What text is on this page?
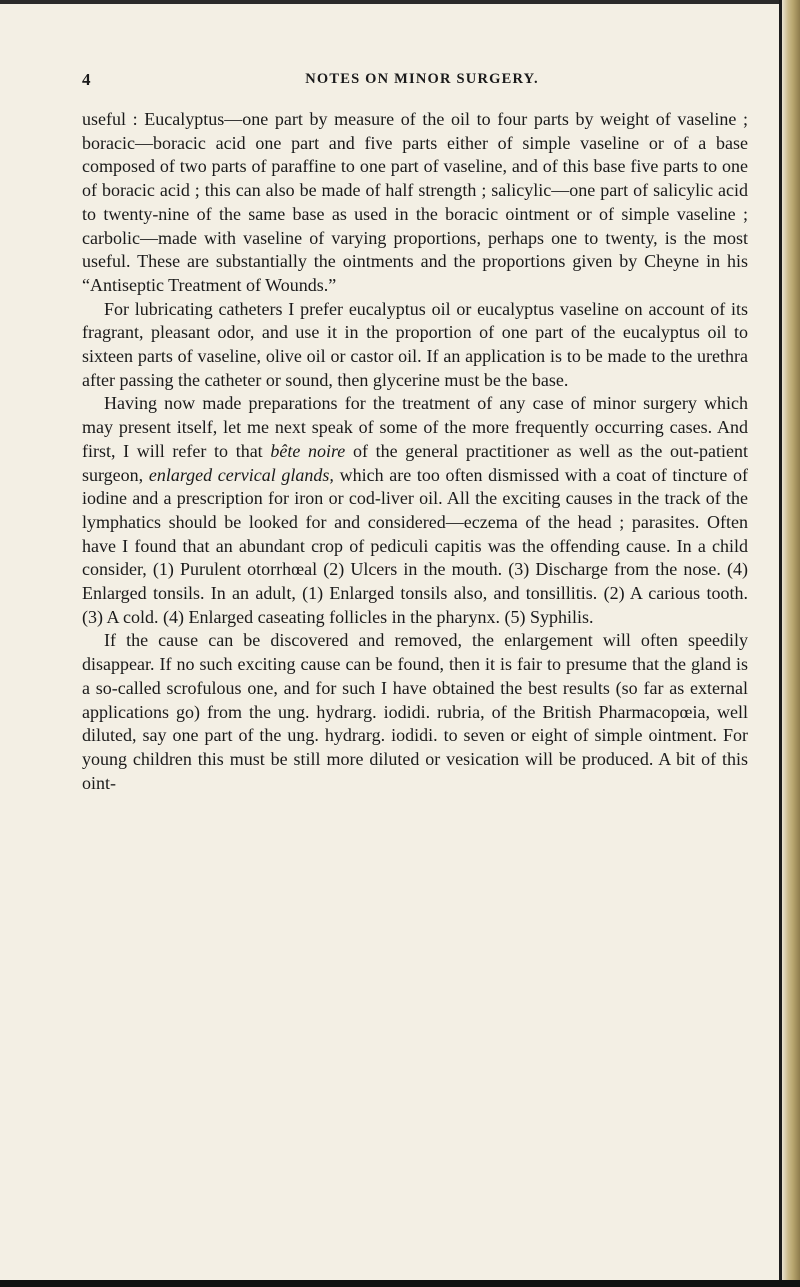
4	NOTES ON MINOR SURGERY.

useful : Eucalyptus—one part by measure of the oil to four parts by weight of vaseline ; boracic—boracic acid one part and five parts either of simple vaseline or of a base composed of two parts of paraffine to one part of vaseline, and of this base five parts to one of boracic acid ; this can also be made of half strength ; salicylic—one part of salicylic acid to twenty-nine of the same base as used in the boracic ointment or of simple vaseline ; carbolic—made with vaseline of varying proportions, perhaps one to twenty, is the most useful. These are substantially the ointments and the proportions given by Cheyne in his “Antiseptic Treatment of Wounds.”

For lubricating catheters I prefer eucalyptus oil or eucalyptus vaseline on account of its fragrant, pleasant odor, and use it in the proportion of one part of the eucalyptus oil to sixteen parts of vaseline, olive oil or castor oil. If an application is to be made to the urethra after passing the catheter or sound, then glycerine must be the base.

Having now made preparations for the treatment of any case of minor surgery which may present itself, let me next speak of some of the more frequently occurring cases. And first, I will refer to that bête noire of the general practitioner as well as the out-patient surgeon, enlarged cervical glands, which are too often dismissed with a coat of tincture of iodine and a prescription for iron or cod-liver oil. All the exciting causes in the track of the lymphatics should be looked for and considered—eczema of the head ; parasites. Often have I found that an abundant crop of pediculi capitis was the offending cause. In a child consider, (1) Purulent otorrhœal (2) Ulcers in the mouth. (3) Discharge from the nose. (4) Enlarged tonsils. In an adult, (1) Enlarged tonsils also, and tonsillitis. (2) A carious tooth. (3) A cold. (4) Enlarged caseating follicles in the pharynx. (5) Syphilis.

If the cause can be discovered and removed, the enlargement will often speedily disappear. If no such exciting cause can be found, then it is fair to presume that the gland is a so-called scrofulous one, and for such I have obtained the best results (so far as external applications go) from the ung. hydrarg. iodidi. rubria, of the British Pharmacopœia, well diluted, say one part of the ung. hydrarg. iodidi. to seven or eight of simple ointment. For young children this must be still more diluted or vesication will be produced. A bit of this oint-
